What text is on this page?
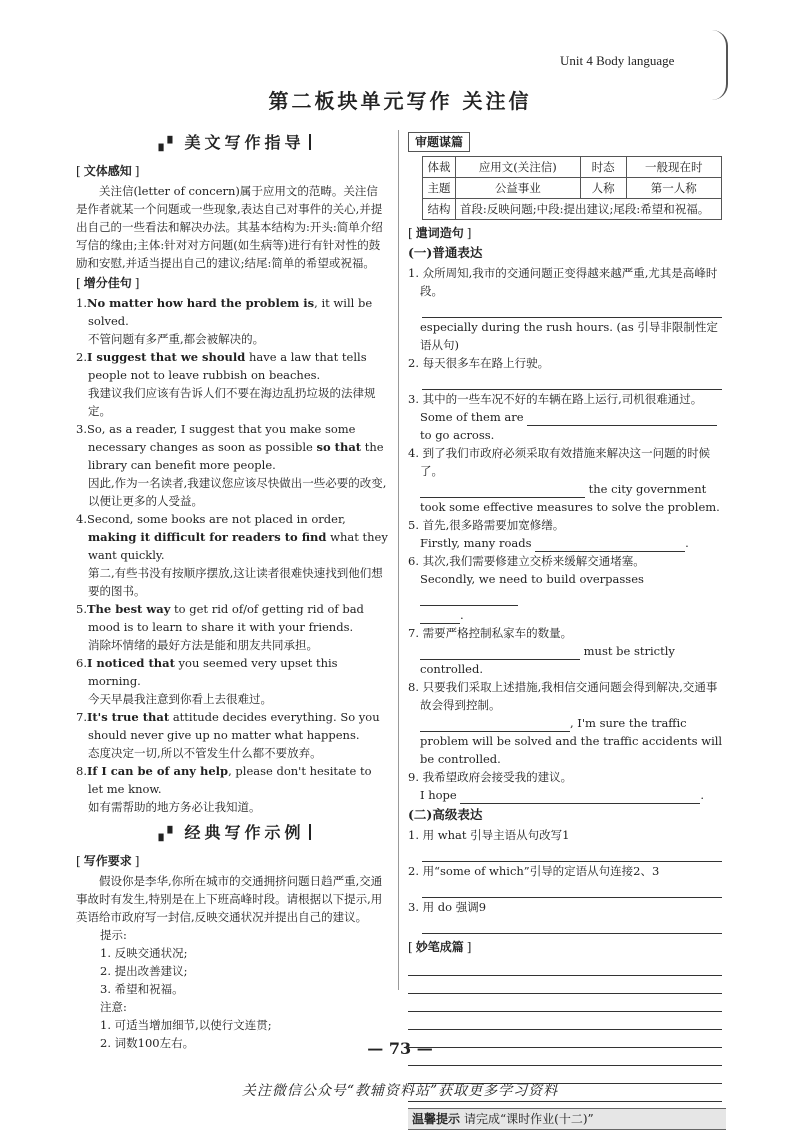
Unit 4 Body language
第二板块单元写作 关注信
▗▘ 美文写作指导
[ 文体感知 ]

关注信(letter of concern)属于应用文的范畴。关注信是作者就某一个问题或一些现象,表达自己对事件的关心,并提出自己的一些看法和解决办法。其基本结构为:开头:简单介绍写信的缘由;主体:针对对方问题(如生病等)进行有针对性的鼓励和安慰,并适当提出自己的建议;结尾:简单的希望或祝福。

[ 增分佳句 ]

1.No matter how hard the problem is, it will be solved.

不管问题有多严重,都会被解决的。

2.I suggest that we should have a law that tells people not to leave rubbish on beaches.

我建议我们应该有告诉人们不要在海边乱扔垃圾的法律规定。

3.So, as a reader, I suggest that you make some necessary changes as soon as possible so that the library can benefit more people.

因此,作为一名读者,我建议您应该尽快做出一些必要的改变,以便让更多的人受益。

4.Second, some books are not placed in order, making it difficult for readers to find what they want quickly.

第二,有些书没有按顺序摆放,这让读者很难快速找到他们想要的图书。

5.The best way to get rid of/of getting rid of bad mood is to learn to share it with your friends.

消除坏情绪的最好方法是能和朋友共同承担。

6.I noticed that you seemed very upset this morning.

今天早晨我注意到你看上去很难过。

7.It's true that attitude decides everything. So you should never give up no matter what happens.

态度决定一切,所以不管发生什么都不要放弃。

8.If I can be of any help, please don't hesitate to let me know.

如有需帮助的地方务必让我知道。

▗▘ 经典写作示例
[ 写作要求 ]

假设你是李华,你所在城市的交通拥挤问题日趋严重,交通事故时有发生,特别是在上下班高峰时段。请根据以下提示,用英语给市政府写一封信,反映交通状况并提出自己的建议。

提示:

1. 反映交通状况;

2. 提出改善建议;

3. 希望和祝福。

注意:

1. 可适当增加细节,以使行文连贯;

2. 词数100左右。

审题谋篇
体裁	应用文(关注信)	时态	一般现在时
主题	公益事业	人称	第一人称
结构	首段:反映问题;中段:提出建议;尾段:希望和祝福。		
[ 遣词造句 ]
(一)普通表达

1. 众所周知,我市的交通问题正变得越来越严重,尤其是高峰时段。

especially during the rush hours. (as 引导非限制性定语从句)

2. 每天很多车在路上行驶。

3. 其中的一些车况不好的车辆在路上运行,司机很难通过。

Some of them are

to go across.

4. 到了我们市政府必须采取有效措施来解决这一问题的时候了。

the city government took some effective measures to solve the problem.

5. 首先,很多路需要加宽修缮。

Firstly, many roads	.

6. 其次,我们需要修建立交桥来缓解交通堵塞。

Secondly, we need to build overpasses

.

7. 需要严格控制私家车的数量。

must be strictly controlled.

8. 只要我们采取上述措施,我相信交通问题会得到解决,交通事故会得到控制。

, I'm sure the traffic problem will be solved and the traffic accidents will be controlled.

9. 我希望政府会接受我的建议。

I hope	.

(二)高级表达

1. 用 what 引导主语从句改写1

2. 用“some of which”引导的定语从句连接2、3

3. 用 do 强调9

[ 妙笔成篇 ]
温馨提示 请完成“课时作业(十二)”
— 73 —
关注微信公众号“教辅资料站”获取更多学习资料
